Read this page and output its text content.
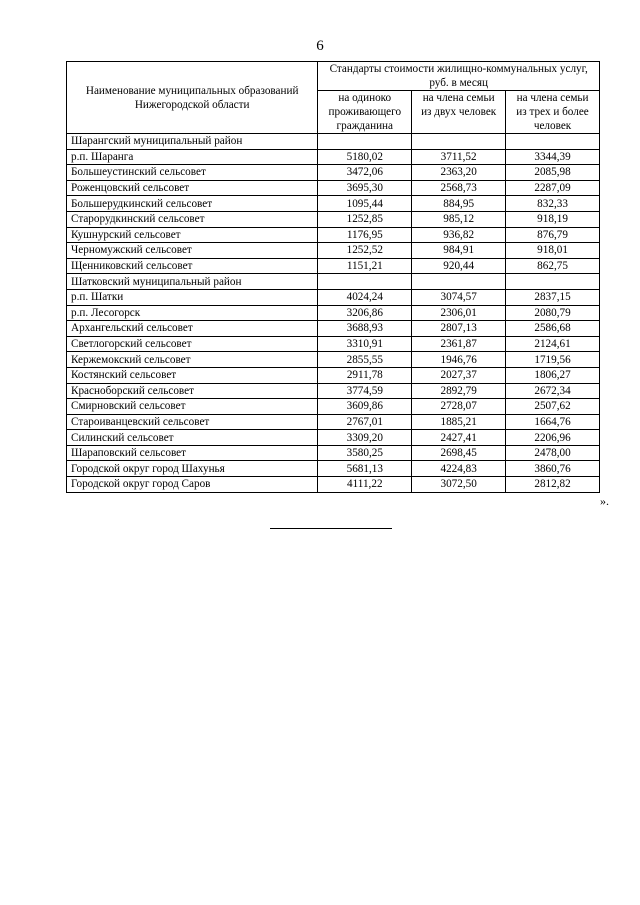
6
Наименование муниципальных образований Нижегородской области	Стандарты стоимости жилищно-коммунальных услуг, руб. в месяц		
	на одиноко проживающего гражданина	на члена семьи из двух человек	на члена семьи из трех и более человек
Шарангский муниципальный район			
р.п. Шаранга	5180,02	3711,52	3344,39
Большеустинский сельсовет	3472,06	2363,20	2085,98
Роженцовский сельсовет	3695,30	2568,73	2287,09
Большерудкинский сельсовет	1095,44	884,95	832,33
Старорудкинский сельсовет	1252,85	985,12	918,19
Кушнурский сельсовет	1176,95	936,82	876,79
Черномужский сельсовет	1252,52	984,91	918,01
Щенниковский сельсовет	1151,21	920,44	862,75
Шатковский муниципальный район			
р.п. Шатки	4024,24	3074,57	2837,15
р.п. Лесогорск	3206,86	2306,01	2080,79
Архангельский сельсовет	3688,93	2807,13	2586,68
Светлогорский сельсовет	3310,91	2361,87	2124,61
Кержемокский сельсовет	2855,55	1946,76	1719,56
Костянский сельсовет	2911,78	2027,37	1806,27
Красноборский сельсовет	3774,59	2892,79	2672,34
Смирновский сельсовет	3609,86	2728,07	2507,62
Староиванцевский сельсовет	2767,01	1885,21	1664,76
Силинский сельсовет	3309,20	2427,41	2206,96
Шараповский сельсовет	3580,25	2698,45	2478,00
Городской округ город Шахунья	5681,13	4224,83	3860,76
Городской округ город Саров	4111,22	3072,50	2812,82
».
